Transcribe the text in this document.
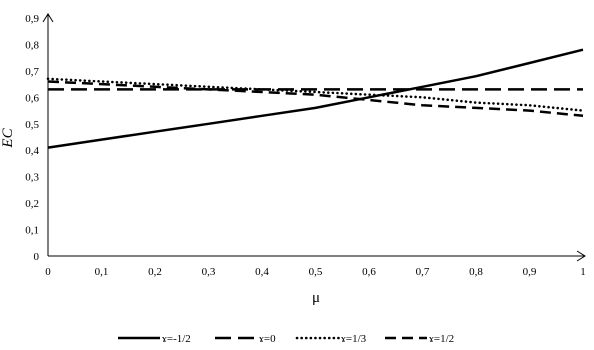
0	0,1	0,2	0,3	0,4	0,5	0,6	0,7	0,8	0,9	1
0
0,1
0,2
0,3
0,4
0,5
0,6
0,7
0,8
0,9
μ
EC
ɤ=-1/2	ɤ=0	ɤ=1/3	ɤ=1/2
